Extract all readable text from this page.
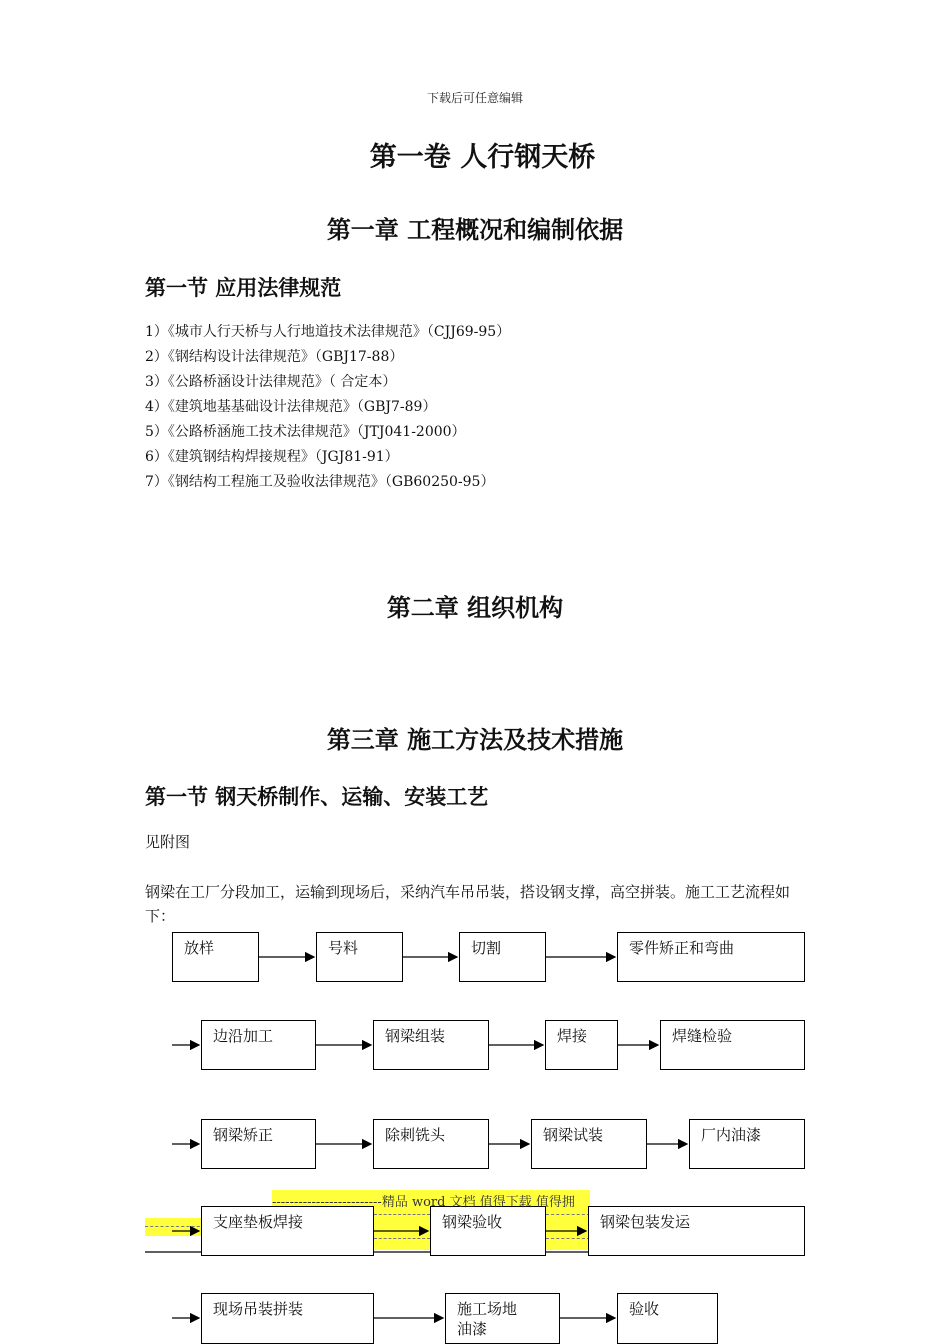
下载后可任意编辑
第一卷 人行钢天桥
第一章 工程概况和编制依据
第一节 应用法律规范
1）《城市人行天桥与人行地道技术法律规范》（CJJ69-95）
2）《钢结构设计法律规范》（GBJ17-88）
3）《公路桥涵设计法律规范》（ 合定本）
4）《建筑地基基础设计法律规范》（GBJ7-89）
5）《公路桥涵施工技术法律规范》（JTJ041-2000）
6）《建筑钢结构焊接规程》（JGJ81-91）
7）《钢结构工程施工及验收法律规范》（GB60250-95）
第二章 组织机构
第三章 施工方法及技术措施
第一节 钢天桥制作、运输、安装工艺
见附图
钢梁在工厂分段加工，运输到现场后，采纳汽车吊吊装，搭设钢支撑，高空拼装。施工工艺流程如下：
-------------------------精品 word 文档 值得下载 值得拥
放样	号料	切割	零件矫正和弯曲
边沿加工	钢梁组装	焊接	焊缝检验
钢梁矫正	除刺铣头	钢梁试装	厂内油漆
支座垫板焊接	钢梁验收	钢梁包装发运
现场吊装拼装	施工场地油漆
验收
